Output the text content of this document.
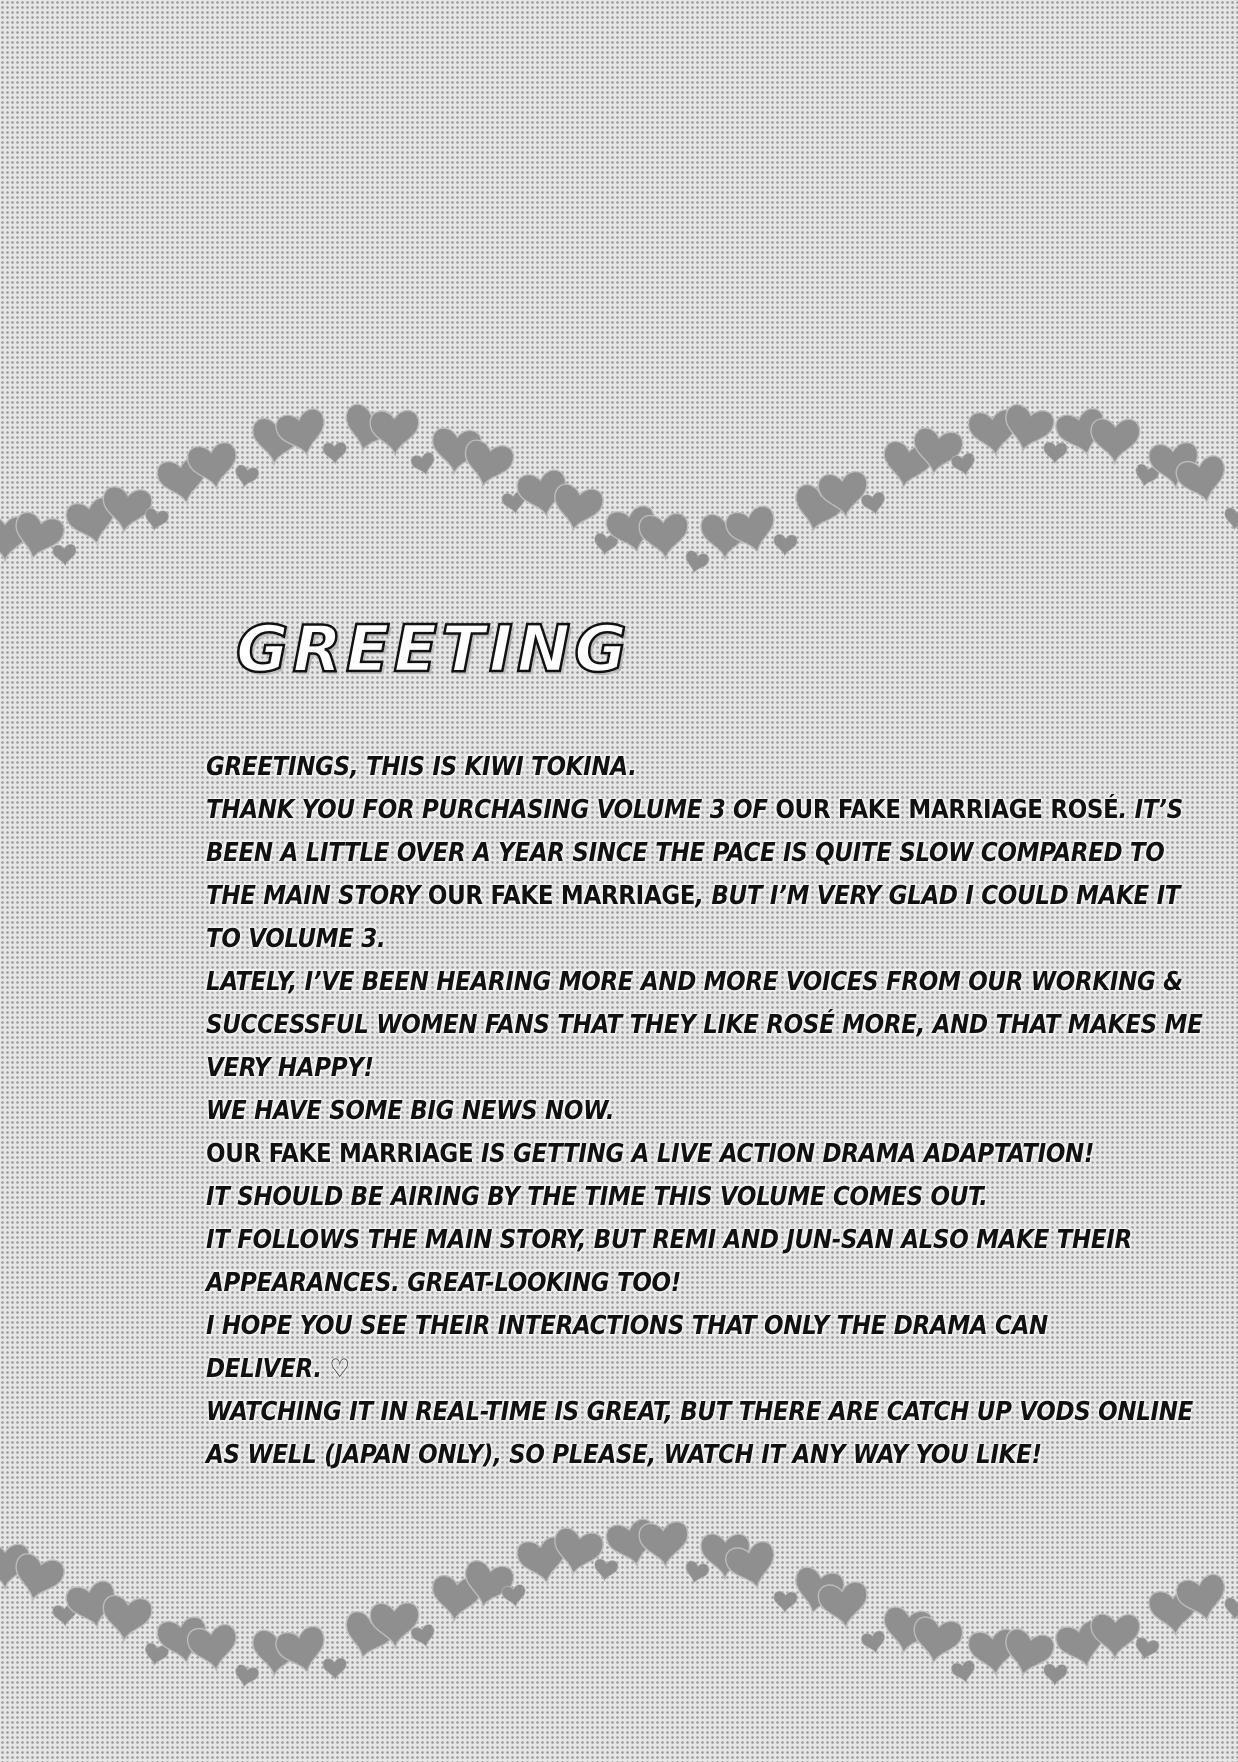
GREETING
GREETINGS, THIS IS KIWI TOKINA.
THANK YOU FOR PURCHASING VOLUME 3 OF OUR FAKE MARRIAGE ROSÉ. IT’S
BEEN A LITTLE OVER A YEAR SINCE THE PACE IS QUITE SLOW COMPARED TO
THE MAIN STORY OUR FAKE MARRIAGE, BUT I’M VERY GLAD I COULD MAKE IT
TO VOLUME 3.
LATELY, I’VE BEEN HEARING MORE AND MORE VOICES FROM OUR WORKING &
SUCCESSFUL WOMEN FANS THAT THEY LIKE ROSÉ MORE, AND THAT MAKES ME
VERY HAPPY!
WE HAVE SOME BIG NEWS NOW.
OUR FAKE MARRIAGE IS GETTING A LIVE ACTION DRAMA ADAPTATION!
IT SHOULD BE AIRING BY THE TIME THIS VOLUME COMES OUT.
IT FOLLOWS THE MAIN STORY, BUT REMI AND JUN-SAN ALSO MAKE THEIR
APPEARANCES. GREAT-LOOKING TOO!
I HOPE YOU SEE THEIR INTERACTIONS THAT ONLY THE DRAMA CAN
DELIVER. ♡
WATCHING IT IN REAL-TIME IS GREAT, BUT THERE ARE CATCH UP VODS ONLINE
AS WELL (JAPAN ONLY), SO PLEASE, WATCH IT ANY WAY YOU LIKE!
